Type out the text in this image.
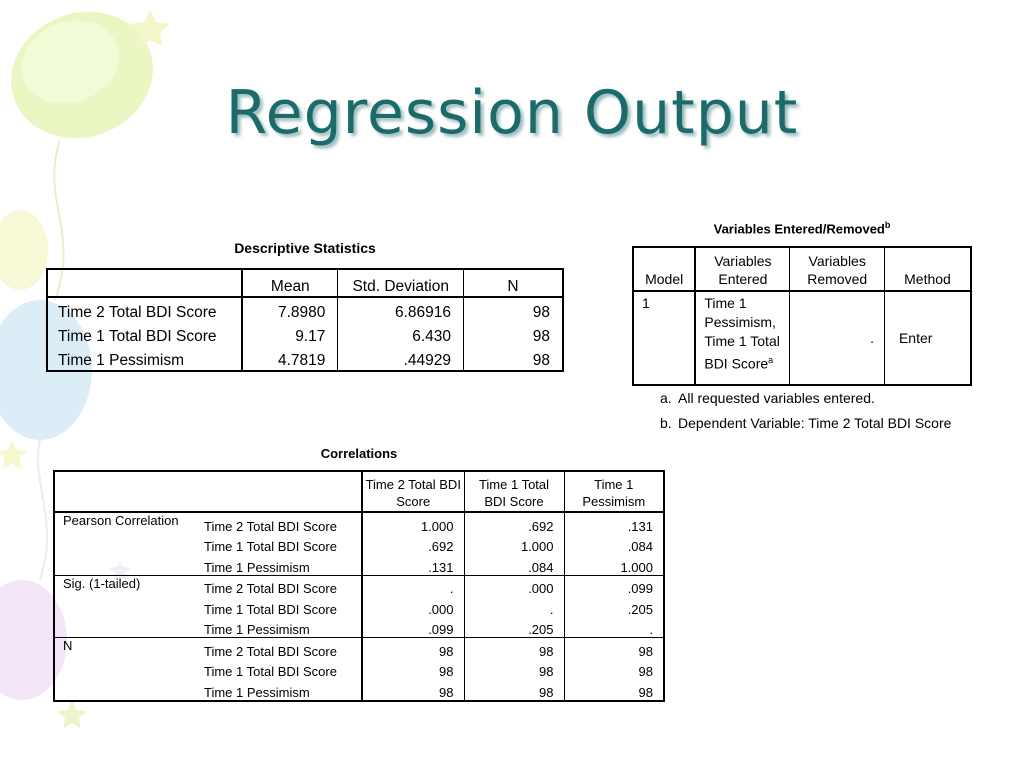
Regression Output
Descriptive Statistics
	Mean	Std. Deviation	N
Time 2 Total BDI Score	7.8980	6.86916	98
Time 1 Total BDI Score	9.17	6.430	98
Time 1 Pessimism	4.7819	.44929	98
Variables Entered/Removed$^b$
Model	Variables Entered	Variables Removed	Method
1	Time 1 Pessimism, Time 1 Total BDI Score$^a$	.	Enter
a. All requested variables entered.
b. Dependent Variable: Time 2 Total BDI Score
Correlations
		Time 2 Total BDI Score	Time 1 Total BDI Score	Time 1 Pessimism
Pearson Correlation	Time 2 Total BDI Score	1.000	.692	.131
	Time 1 Total BDI Score	.692	1.000	.084
	Time 1 Pessimism	.131	.084	1.000
Sig. (1-tailed)	Time 2 Total BDI Score	.	.000	.099
	Time 1 Total BDI Score	.000	.	.205
	Time 1 Pessimism	.099	.205	.
N	Time 2 Total BDI Score	98	98	98
	Time 1 Total BDI Score	98	98	98
	Time 1 Pessimism	98	98	98
